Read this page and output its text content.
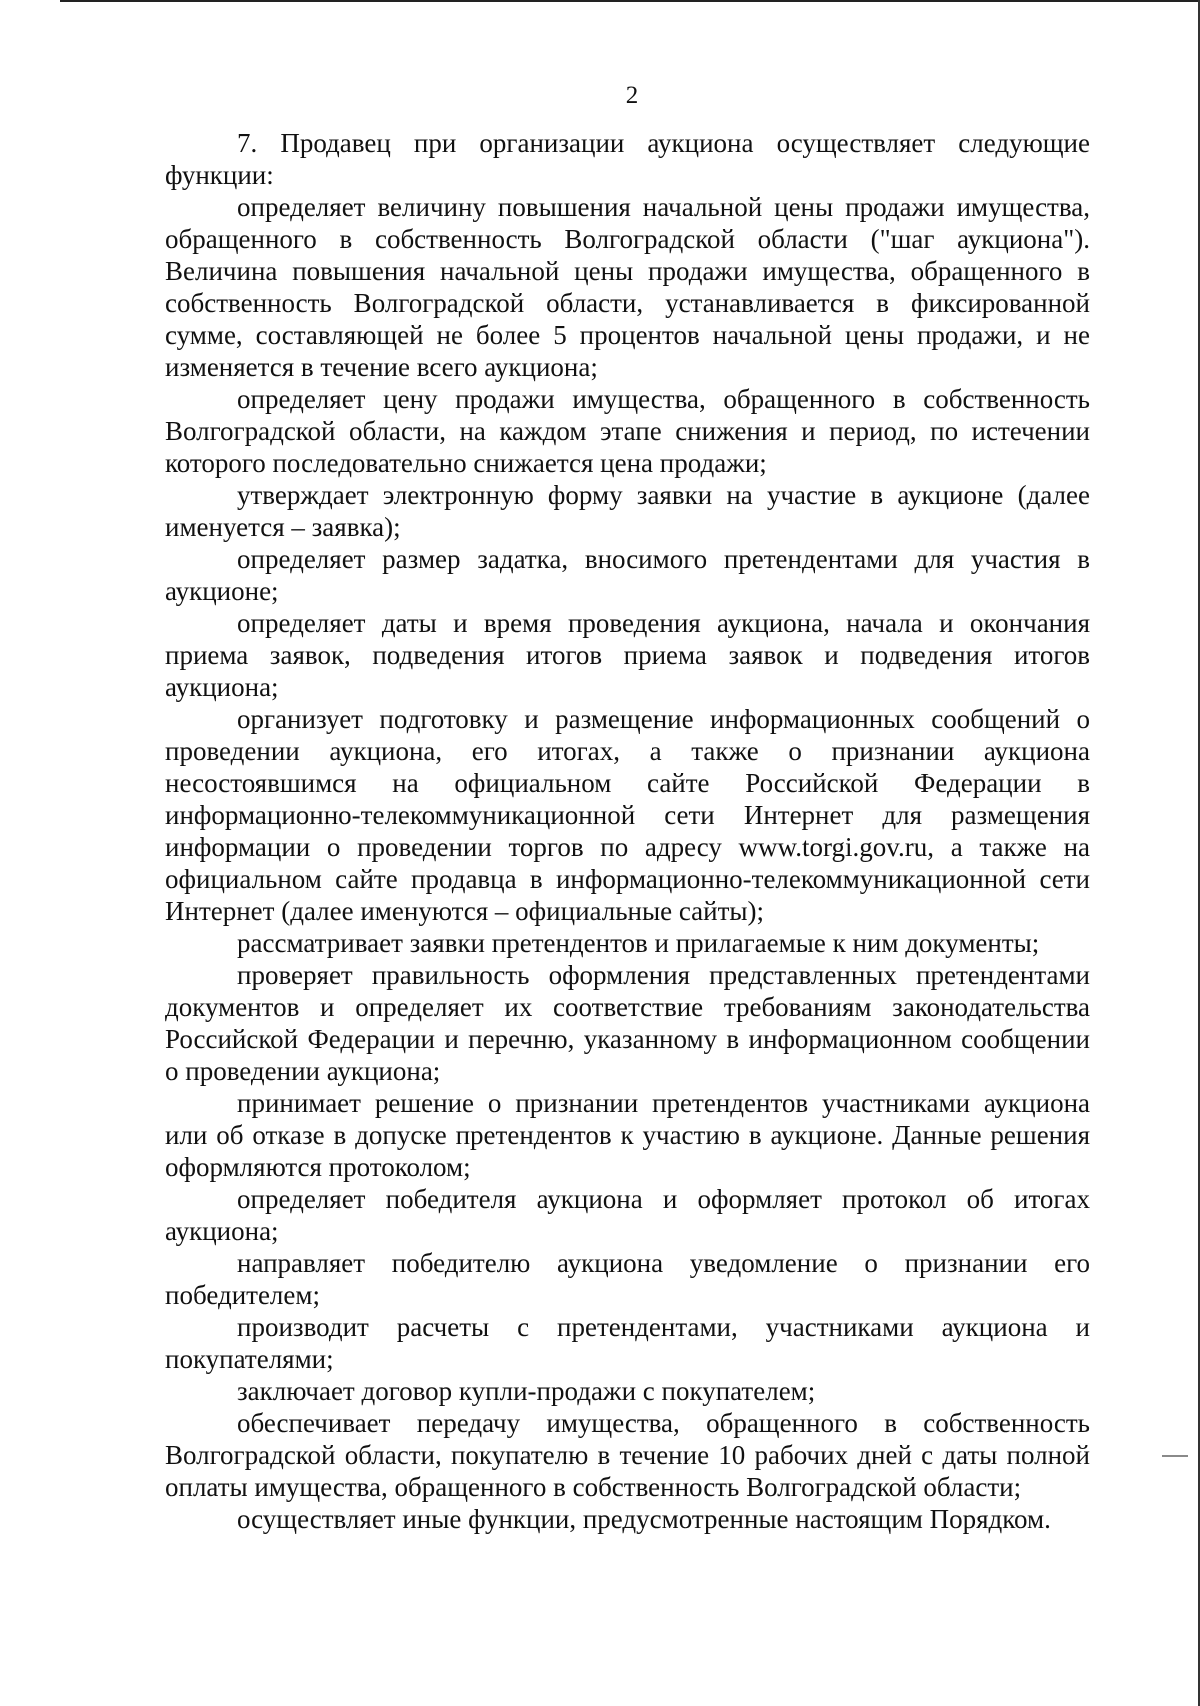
2

7. Продавец при организации аукциона осуществляет следующие функции:

определяет величину повышения начальной цены продажи имущества, обращенного в собственность Волгоградской области ("шаг аукциона"). Величина повышения начальной цены продажи имущества, обращенного в собственность Волгоградской области, устанавливается в фиксированной сумме, составляющей не более 5 процентов начальной цены продажи, и не изменяется в течение всего аукциона;

определяет цену продажи имущества, обращенного в собственность Волгоградской области, на каждом этапе снижения и период, по истечении которого последовательно снижается цена продажи;

утверждает электронную форму заявки на участие в аукционе (далее именуется – заявка);

определяет размер задатка, вносимого претендентами для участия в аукционе;

определяет даты и время проведения аукциона, начала и окончания приема заявок, подведения итогов приема заявок и подведения итогов аукциона;

организует подготовку и размещение информационных сообщений о проведении аукциона, его итогах, а также о признании аукциона несостоявшимся на официальном сайте Российской Федерации в информационно-телекоммуникационной сети Интернет для размещения информации о проведении торгов по адресу www.torgi.gov.ru, а также на официальном сайте продавца в информационно-телекоммуникационной сети Интернет (далее именуются – официальные сайты);

рассматривает заявки претендентов и прилагаемые к ним документы;

проверяет правильность оформления представленных претендентами документов и определяет их соответствие требованиям законодательства Российской Федерации и перечню, указанному в информационном сообщении о проведении аукциона;

принимает решение о признании претендентов участниками аукциона или об отказе в допуске претендентов к участию в аукционе. Данные решения оформляются протоколом;

определяет победителя аукциона и оформляет протокол об итогах аукциона;

направляет победителю аукциона уведомление о признании его победителем;

производит расчеты с претендентами, участниками аукциона и покупателями;

заключает договор купли-продажи с покупателем;

обеспечивает передачу имущества, обращенного в собственность Волгоградской области, покупателю в течение 10 рабочих дней с даты полной оплаты имущества, обращенного в собственность Волгоградской области;

осуществляет иные функции, предусмотренные настоящим Порядком.
